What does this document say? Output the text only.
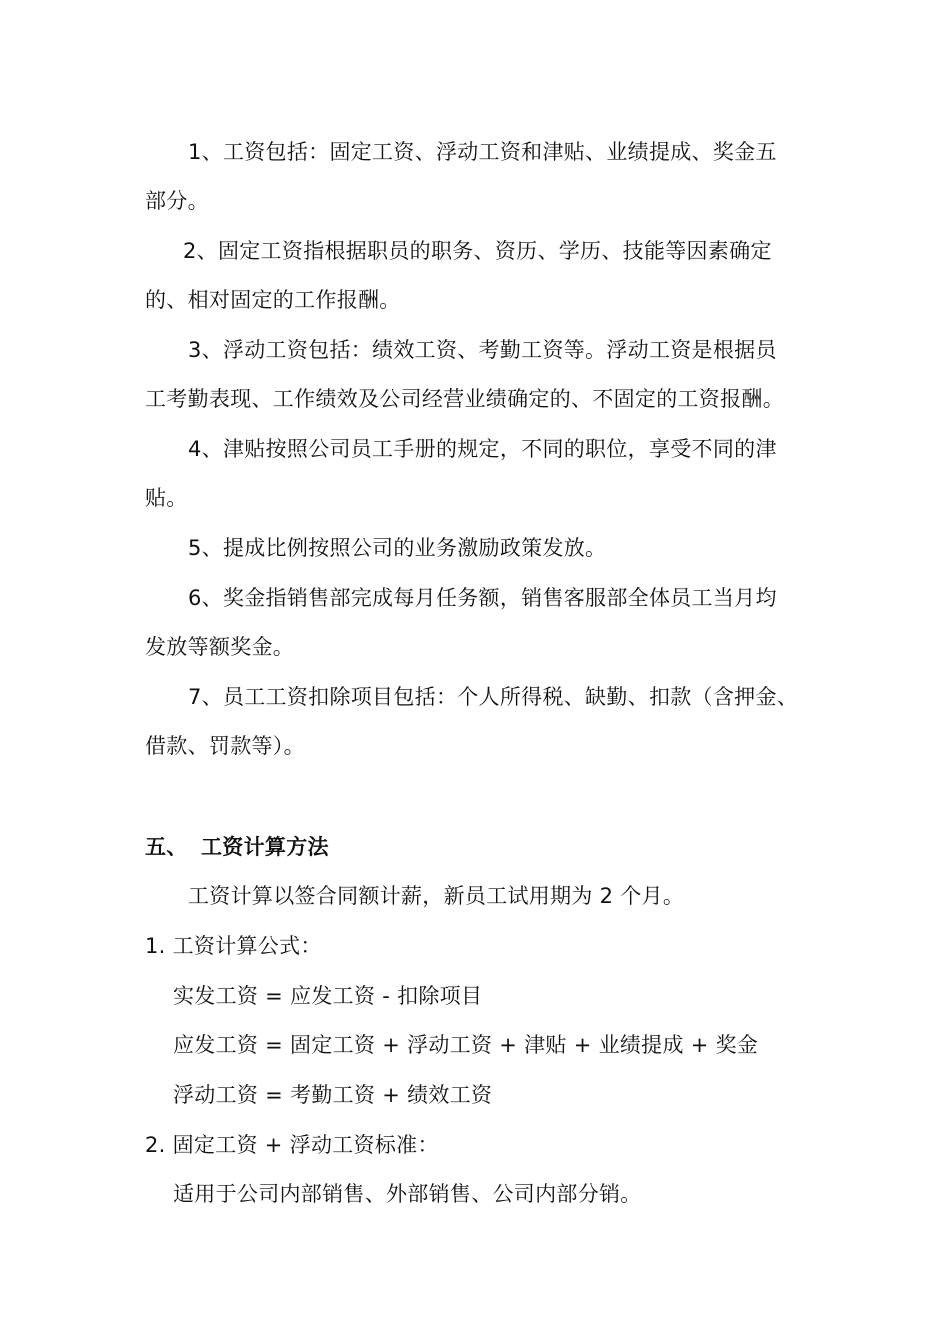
1、工资包括：固定工资、浮动工资和津贴、业绩提成、奖金五
部分。
2、固定工资指根据职员的职务、资历、学历、技能等因素确定
的、相对固定的工作报酬。
3、浮动工资包括：绩效工资、考勤工资等。浮动工资是根据员
工考勤表现、工作绩效及公司经营业绩确定的、不固定的工资报酬。
4、津贴按照公司员工手册的规定，不同的职位，享受不同的津
贴。
5、提成比例按照公司的业务激励政策发放。
6、奖金指销售部完成每月任务额，销售客服部全体员工当月均
发放等额奖金。
7、员工工资扣除项目包括：个人所得税、缺勤、扣款（含押金、
借款、罚款等）。
五、 工资计算方法
工资计算以签合同额计薪，新员工试用期为 2 个月。
1. 工资计算公式：
实发工资 = 应发工资 - 扣除项目
应发工资 = 固定工资 + 浮动工资 + 津贴 + 业绩提成 + 奖金
浮动工资 = 考勤工资 + 绩效工资
2. 固定工资 + 浮动工资标准：
适用于公司内部销售、外部销售、公司内部分销。
